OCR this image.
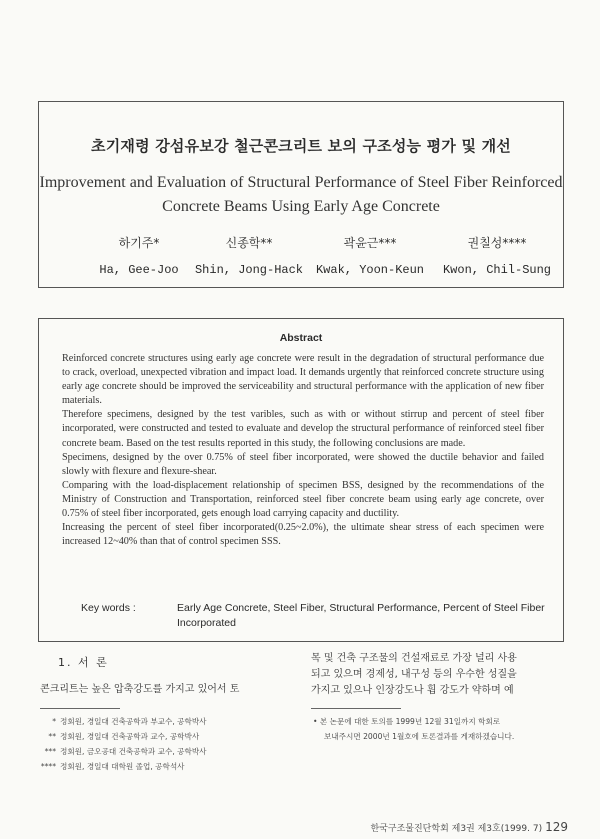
초기재령 강섬유보강 철근콘크리트 보의 구조성능 평가 및 개선
Improvement and Evaluation of Structural Performance of Steel Fiber Reinforced
Concrete Beams Using Early Age Concrete
하기주*
Ha, Gee-Joo
신종학**
Shin, Jong-Hack
곽윤근***
Kwak, Yoon-Keun
권칠성****
Kwon, Chil-Sung
Abstract

Reinforced concrete structures using early age concrete were result in the degradation of structural performance due to crack, overload, unexpected vibration and impact load. It demands urgently that reinforced concrete structure using early age concrete should be improved the serviceability and structural performance with the application of new fiber materials.

Therefore specimens, designed by the test varibles, such as with or without stirrup and percent of steel fiber incorporated, were constructed and tested to evaluate and develop the structural performance of reinforced steel fiber concrete beam. Based on the test results reported in this study, the following conclusions are made.

Specimens, designed by the over 0.75% of steel fiber incorporated, were showed the ductile behavior and failed slowly with flexure and flexure-shear.

Comparing with the load-displacement relationship of specimen BSS, designed by the recommendations of the Ministry of Construction and Transportation, reinforced steel fiber concrete beam using early age concrete, over 0.75% of steel fiber incorporated, gets enough load carrying capacity and ductility.

Increasing the percent of steel fiber incorporated(0.25~2.0%), the ultimate shear stress of each specimen were increased 12~40% than that of control specimen SSS.

Key words :	Early Age Concrete, Steel Fiber, Structural Performance, Percent of Steel Fiber Incorporated
1. 서 론
콘크리트는 높은 압축강도를 가지고 있어서 토
목 및 건축 구조물의 건설재료로 가장 널리 사용
되고 있으며 경제성, 내구성 등의 우수한 성질을
가지고 있으나 인장강도나 휨 강도가 약하며 예
* 정회원, 경일대 건축공학과 부교수, 공학박사
** 정회원, 경일대 건축공학과 교수, 공학박사
*** 정회원, 금오공대 건축공학과 교수, 공학박사
**** 정회원, 경일대 대학원 졸업, 공학석사
• 본 논문에 대한 토의를 1999년 12월 31일까지 학회로
보내주시면 2000년 1월호에 토론결과를 게재하겠습니다.
한국구조물진단학회 제3권 제3호(1999. 7) 129
